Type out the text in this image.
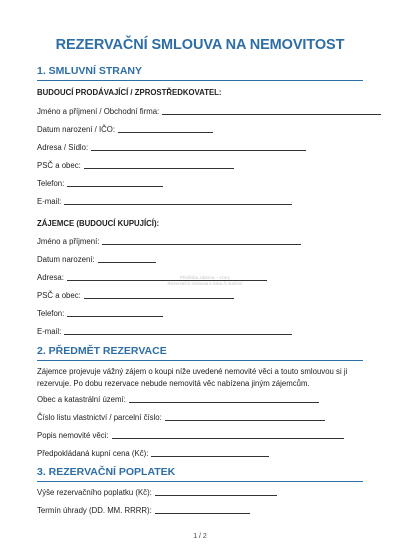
REZERVAČNÍ SMLOUVA NA NEMOVITOST
1. SMLUVNÍ STRANY
BUDOUCÍ PRODÁVAJÍCÍ / ZPROSTŘEDKOVATEL:
Jméno a příjmení / Obchodní firma:
Datum narození / IČO:
Adresa / Sídlo:
PSČ a obec:
Telefon:
E-mail:
ZÁJEMCE (BUDOUCÍ KUPUJÍCÍ):
Jméno a příjmení:
Datum narození:
Adresa:
PSČ a obec:
Telefon:
E-mail:
Předloha zdarma – vzory
Rezervační smlouva k tisku či stažení
2. PŘEDMĚT REZERVACE
Zájemce projevuje vážný zájem o koupi níže uvedené nemovité věci a touto smlouvou si ji
rezervuje. Po dobu rezervace nebude nemovitá věc nabízena jiným zájemcům.
Obec a katastrální území:
Číslo listu vlastnictví / parcelní číslo:
Popis nemovité věci:
Předpokládaná kupní cena (Kč):
3. REZERVAČNÍ POPLATEK
Výše rezervačního poplatku (Kč):
Termín úhrady (DD. MM. RRRR):
1 / 2
